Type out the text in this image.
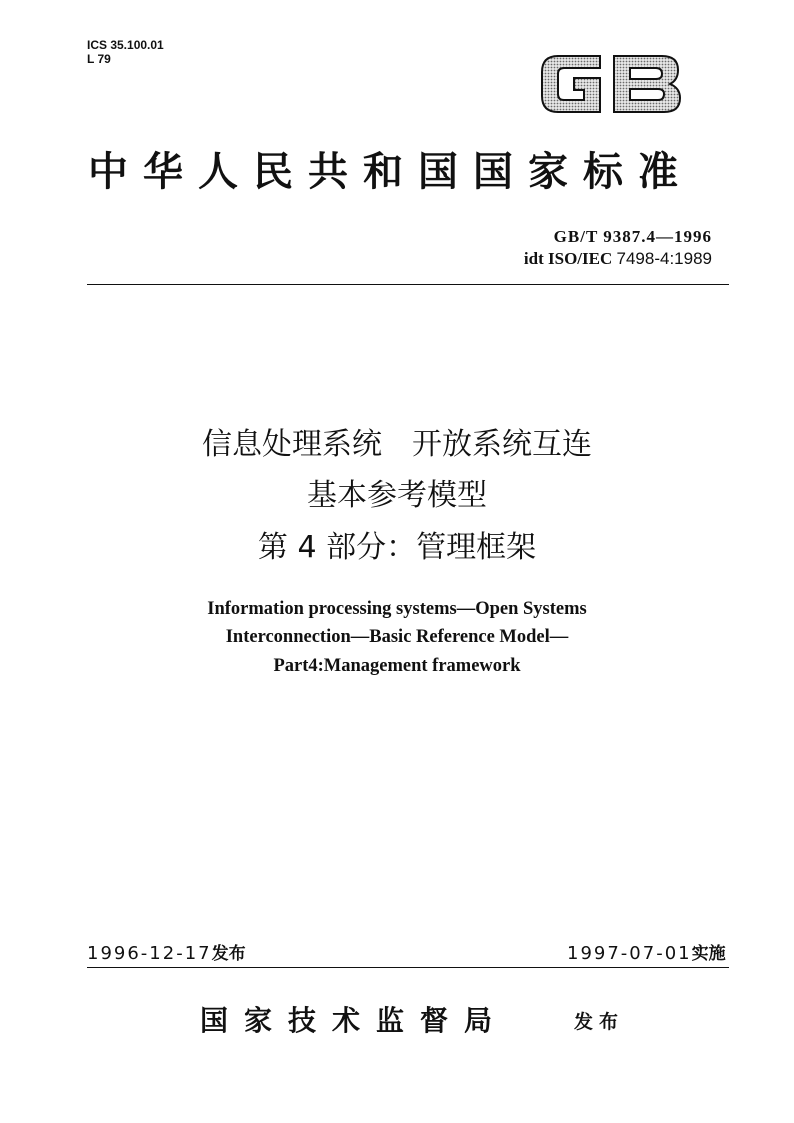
ICS 35.100.01
L 79
中华人民共和国国家标准
GB/T 9387.4—1996
idt ISO/IEC 7498-4:1989
信息处理系统　开放系统互连
基本参考模型
第 4 部分：管理框架
Information processing systems—Open Systems
Interconnection—Basic Reference Model—
Part4:Management framework
1996-12-17发布	1997-07-01实施
国家技术监督局	发布
